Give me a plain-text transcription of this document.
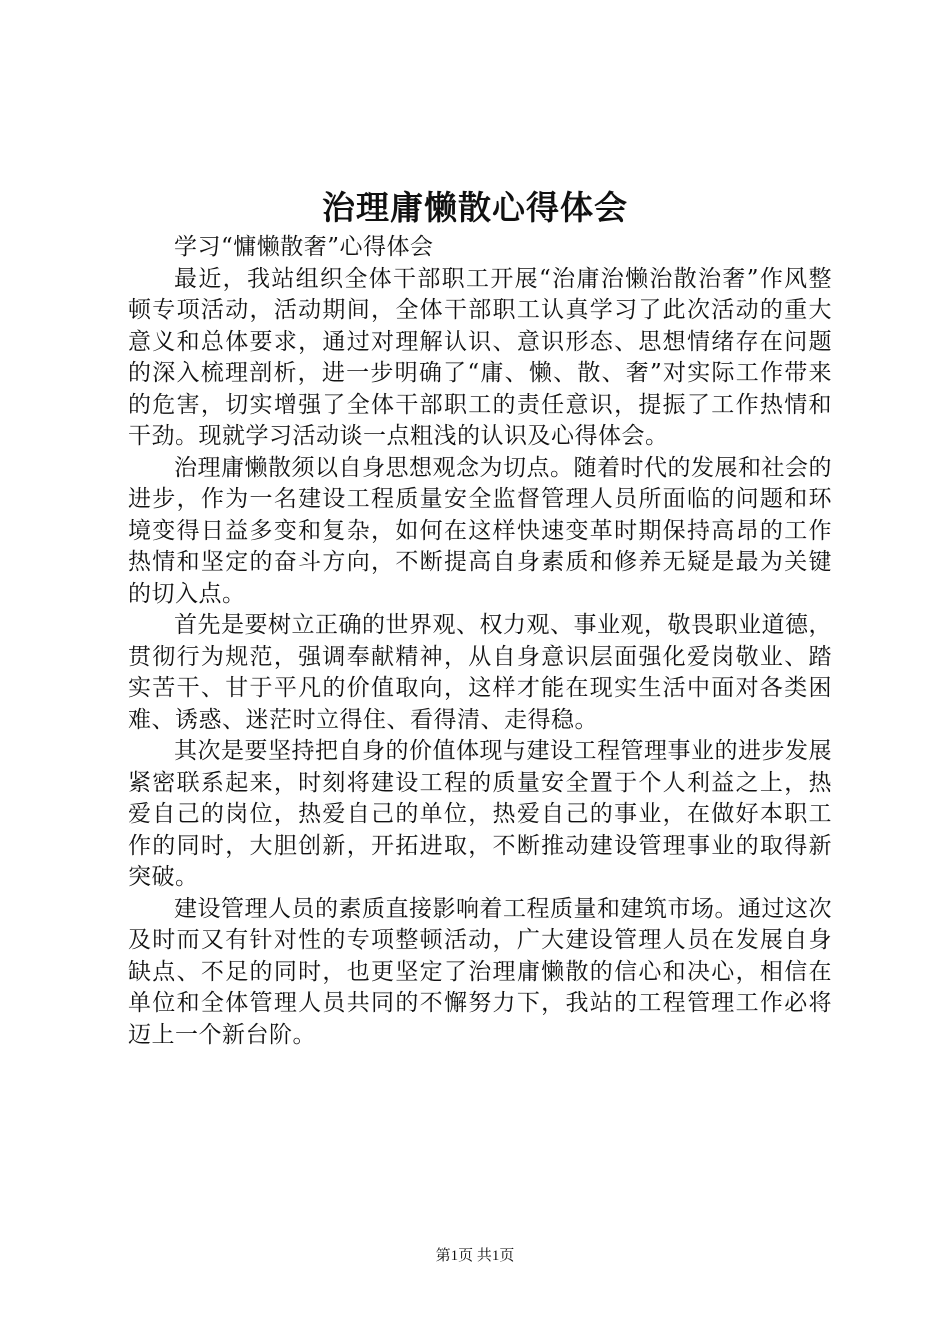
治理庸懒散心得体会

学习“慵懒散奢”心得体会

最近，我站组织全体干部职工开展“治庸治懒治散治奢”作风整顿专项活动，活动期间，全体干部职工认真学习了此次活动的重大意义和总体要求，通过对理解认识、意识形态、思想情绪存在问题的深入梳理剖析，进一步明确了“庸、懒、散、奢”对实际工作带来的危害，切实增强了全体干部职工的责任意识，提振了工作热情和干劲。现就学习活动谈一点粗浅的认识及心得体会。

治理庸懒散须以自身思想观念为切点。随着时代的发展和社会的进步，作为一名建设工程质量安全监督管理人员所面临的问题和环境变得日益多变和复杂，如何在这样快速变革时期保持高昂的工作热情和坚定的奋斗方向，不断提高自身素质和修养无疑是最为关键的切入点。

首先是要树立正确的世界观、权力观、事业观，敬畏职业道德，贯彻行为规范，强调奉献精神，从自身意识层面强化爱岗敬业、踏实苦干、甘于平凡的价值取向，这样才能在现实生活中面对各类困难、诱惑、迷茫时立得住、看得清、走得稳。

其次是要坚持把自身的价值体现与建设工程管理事业的进步发展紧密联系起来，时刻将建设工程的质量安全置于个人利益之上，热爱自己的岗位，热爱自己的单位，热爱自己的事业，在做好本职工作的同时，大胆创新，开拓进取，不断推动建设管理事业的取得新突破。

建设管理人员的素质直接影响着工程质量和建筑市场。通过这次及时而又有针对性的专项整顿活动，广大建设管理人员在发展自身缺点、不足的同时，也更坚定了治理庸懒散的信心和决心，相信在单位和全体管理人员共同的不懈努力下，我站的工程管理工作必将迈上一个新台阶。

第1页 共1页
